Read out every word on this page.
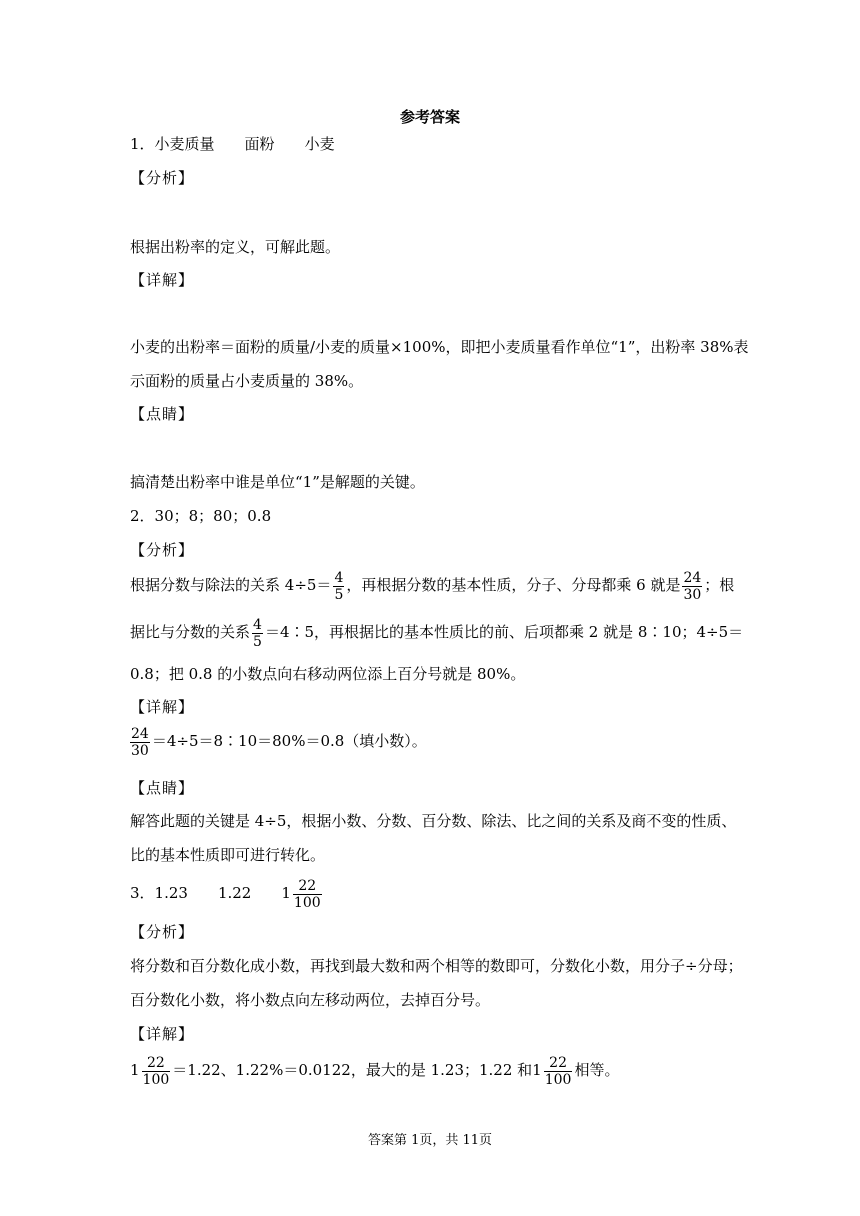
参考答案
1．小麦质量 面粉 小麦
【分析】
根据出粉率的定义，可解此题。
【详解】
小麦的出粉率＝面粉的质量/小麦的质量×100%，即把小麦质量看作单位“1”，出粉率 38%表
示面粉的质量占小麦质量的 38%。
【点睛】
搞清楚出粉率中谁是单位“1”是解题的关键。
2．30；8；80；0.8
【分析】
根据分数与除法的关系 $4\div 5= \frac{4}{5}$ ，再根据分数的基本性质，分子、分母都乘 6 就是 $\frac{24}{30}$ ；根
据比与分数的关系 $\frac{4}{5}$ ＝4∶5，再根据比的基本性质比的前、后项都乘 2 就是 8∶10；4÷5＝
0.8；把 0.8 的小数点向右移动两位添上百分号就是 80%。
【详解】
$\frac{24}{30}$ ＝4÷5＝8∶10＝80%＝0.8（填小数）。
【点睛】
解答此题的关键是 4÷5，根据小数、分数、百分数、除法、比之间的关系及商不变的性质、
比的基本性质即可进行转化。
3．1.23 1.22 $1 \frac{22}{100}$
【分析】
将分数和百分数化成小数，再找到最大数和两个相等的数即可，分数化小数，用分子÷分母；
百分数化小数，将小数点向左移动两位，去掉百分号。
【详解】
$1 \frac{22}{100} =1.22$、1.22%＝0.0122，最大的是 1.23；1.22 和$1 \frac{22}{100}$ 相等。
答案第 1页，共 11页
